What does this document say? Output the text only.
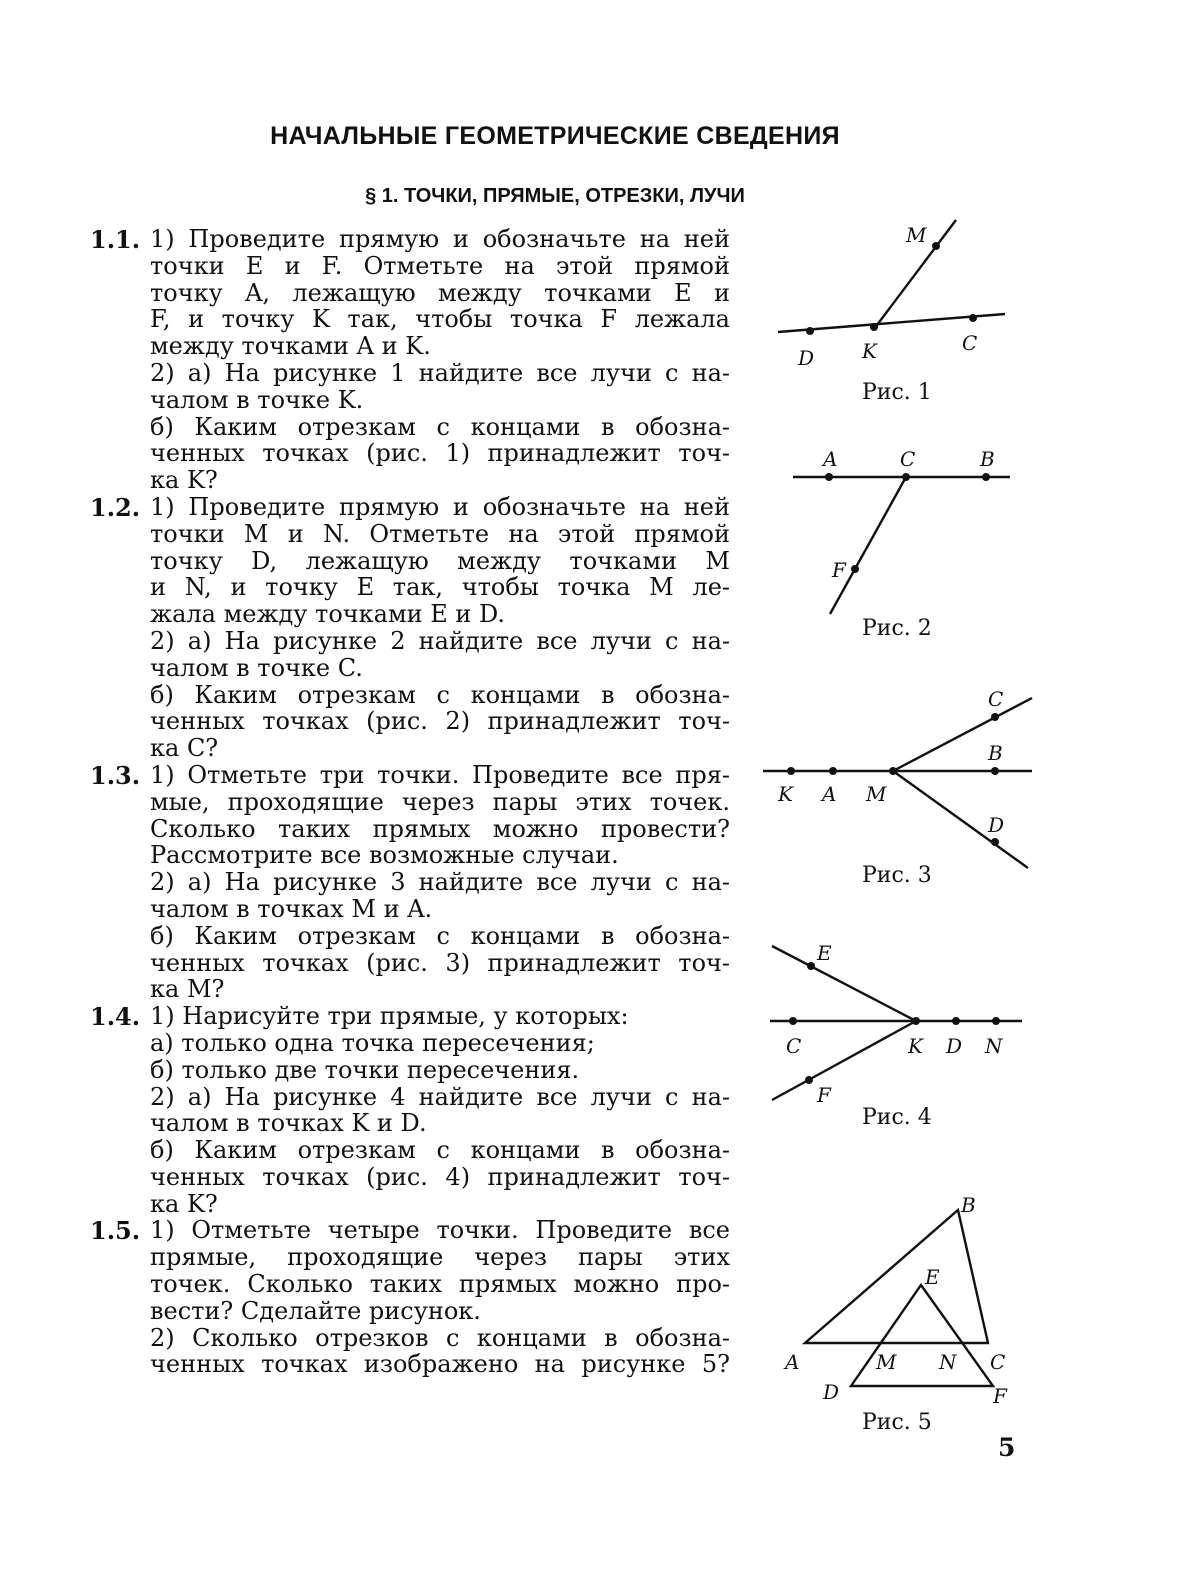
НАЧАЛЬНЫЕ ГЕОМЕТРИЧЕСКИЕ СВЕДЕНИЯ
§ 1. ТОЧКИ, ПРЯМЫЕ, ОТРЕЗКИ, ЛУЧИ
1.1. 1) Проведите прямую и обозначьте на ней

точки E и F. Отметьте на этой прямой

точку A, лежащую между точками E и

F, и точку K так, чтобы точка F лежала

между точками A и K.

2) а) На рисунке 1 найдите все лучи с на-

чалом в точке K.

б) Каким отрезкам с концами в обозна-

ченных точках (рис. 1) принадлежит точ-

ка K?

1.2. 1) Проведите прямую и обозначьте на ней

точки M и N. Отметьте на этой прямой

точку D, лежащую между точками M

и N, и точку E так, чтобы точка M ле-

жала между точками E и D.

2) а) На рисунке 2 найдите все лучи с на-

чалом в точке C.

б) Каким отрезкам с концами в обозна-

ченных точках (рис. 2) принадлежит точ-

ка C?

1.3. 1) Отметьте три точки. Проведите все пря-

мые, проходящие через пары этих точек.

Сколько таких прямых можно провести?

Рассмотрите все возможные случаи.

2) а) На рисунке 3 найдите все лучи с на-

чалом в точках M и A.

б) Каким отрезкам с концами в обозна-

ченных точках (рис. 3) принадлежит точ-

ка M?

1.4. 1) Нарисуйте три прямые, у которых:

а) только одна точка пересечения;

б) только две точки пересечения.

2) а) На рисунке 4 найдите все лучи с на-

чалом в точках K и D.

б) Каким отрезкам с концами в обозна-

ченных точках (рис. 4) принадлежит точ-

ка K?

1.5. 1) Отметьте четыре точки. Проведите все

прямые, проходящие через пары этих

точек. Сколько таких прямых можно про-

вести? Сделайте рисунок.

2) Сколько отрезков с концами в обозна-

ченных точках изображено на рисунке 5?

M
D K	C
Рис. 1
A	C	B
F
Рис. 2
C
B
D
K A M
Рис. 3
E
C	K D N
F
Рис. 4
B
E
A	M N C
D	F
Рис. 5
5
